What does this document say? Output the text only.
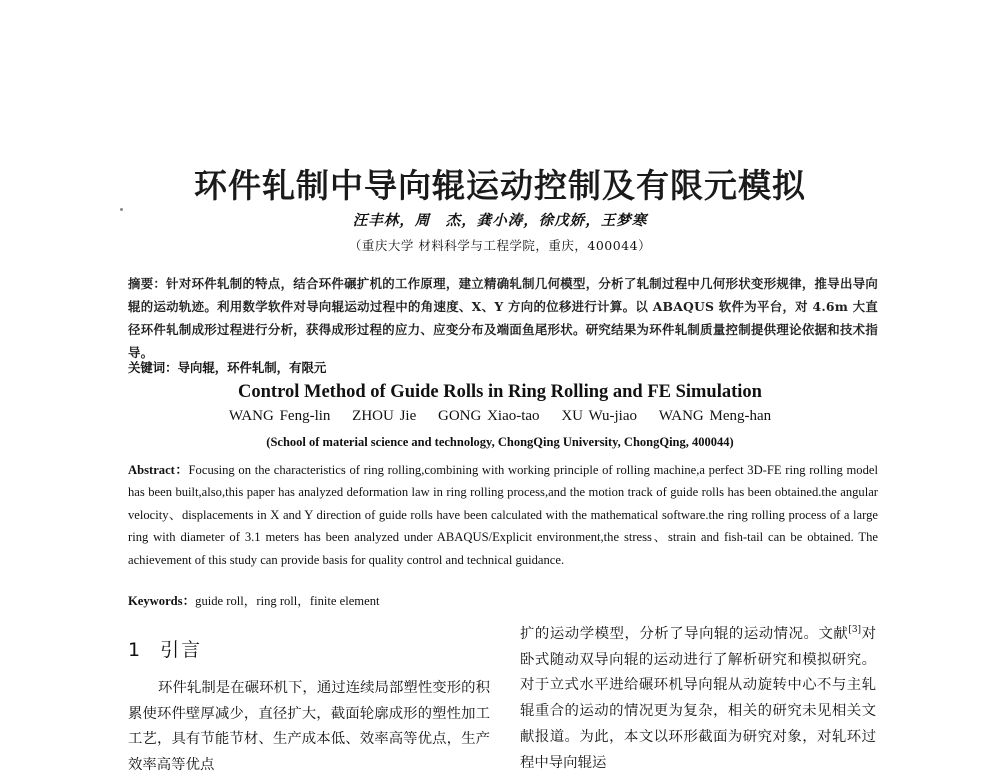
环件轧制中导向辊运动控制及有限元模拟
汪丰林，周　杰，龚小涛，徐戊娇，王梦寒
（重庆大学 材料科学与工程学院，重庆，400044）
摘要：针对环件轧制的特点，结合环件碾扩机的工作原理，建立精确轧制几何模型，分析了轧制过程中几何形状变形规律，推导出导向辊的运动轨迹。利用数学软件对导向辊运动过程中的角速度、X、Y 方向的位移进行计算。以 ABAQUS 软件为平台，对 4.6m 大直径环件轧制成形过程进行分析，获得成形过程的应力、应变分布及端面鱼尾形状。研究结果为环件轧制质量控制提供理论依据和技术指导。
关键词：导向辊，环件轧制，有限元
Control Method of Guide Rolls in Ring Rolling and FE Simulation
WANG Feng-lin ZHOU Jie GONG Xiao-tao XU Wu-jiao WANG Meng-han
(School of material science and technology, ChongQing University, ChongQing, 400044)
Abstract：Focusing on the characteristics of ring rolling,combining with working principle of rolling machine,a perfect 3D-FE ring rolling model has been built,also,this paper has analyzed deformation law in ring rolling process,and the motion track of guide rolls has been obtained.the angular velocity、displacements in X and Y direction of guide rolls have been calculated with the mathematical software.the ring rolling process of a large ring with diameter of 3.1 meters has been analyzed under ABAQUS/Explicit environment,the stress、strain and fish-tail can be obtained. The achievement of this study can provide basis for quality control and technical guidance.
Keywords：guide roll，ring roll，finite element
1 引言
环件轧制是在碾环机下，通过连续局部塑性变形的积累使环件壁厚减少，直径扩大，截面轮廓成形的塑性加工工艺，具有节能节材、生产成本低、效率高等优点，生产效率高等优点
扩的运动学模型，分析了导向辊的运动情况。文献[3]对卧式随动双导向辊的运动进行了解析研究和模拟研究。对于立式水平进给碾环机导向辊从动旋转中心不与主轧辊重合的运动的情况更为复杂，相关的研究未见相关文献报道。为此，本文以环形截面为研究对象，对轧环过程中导向辊运
